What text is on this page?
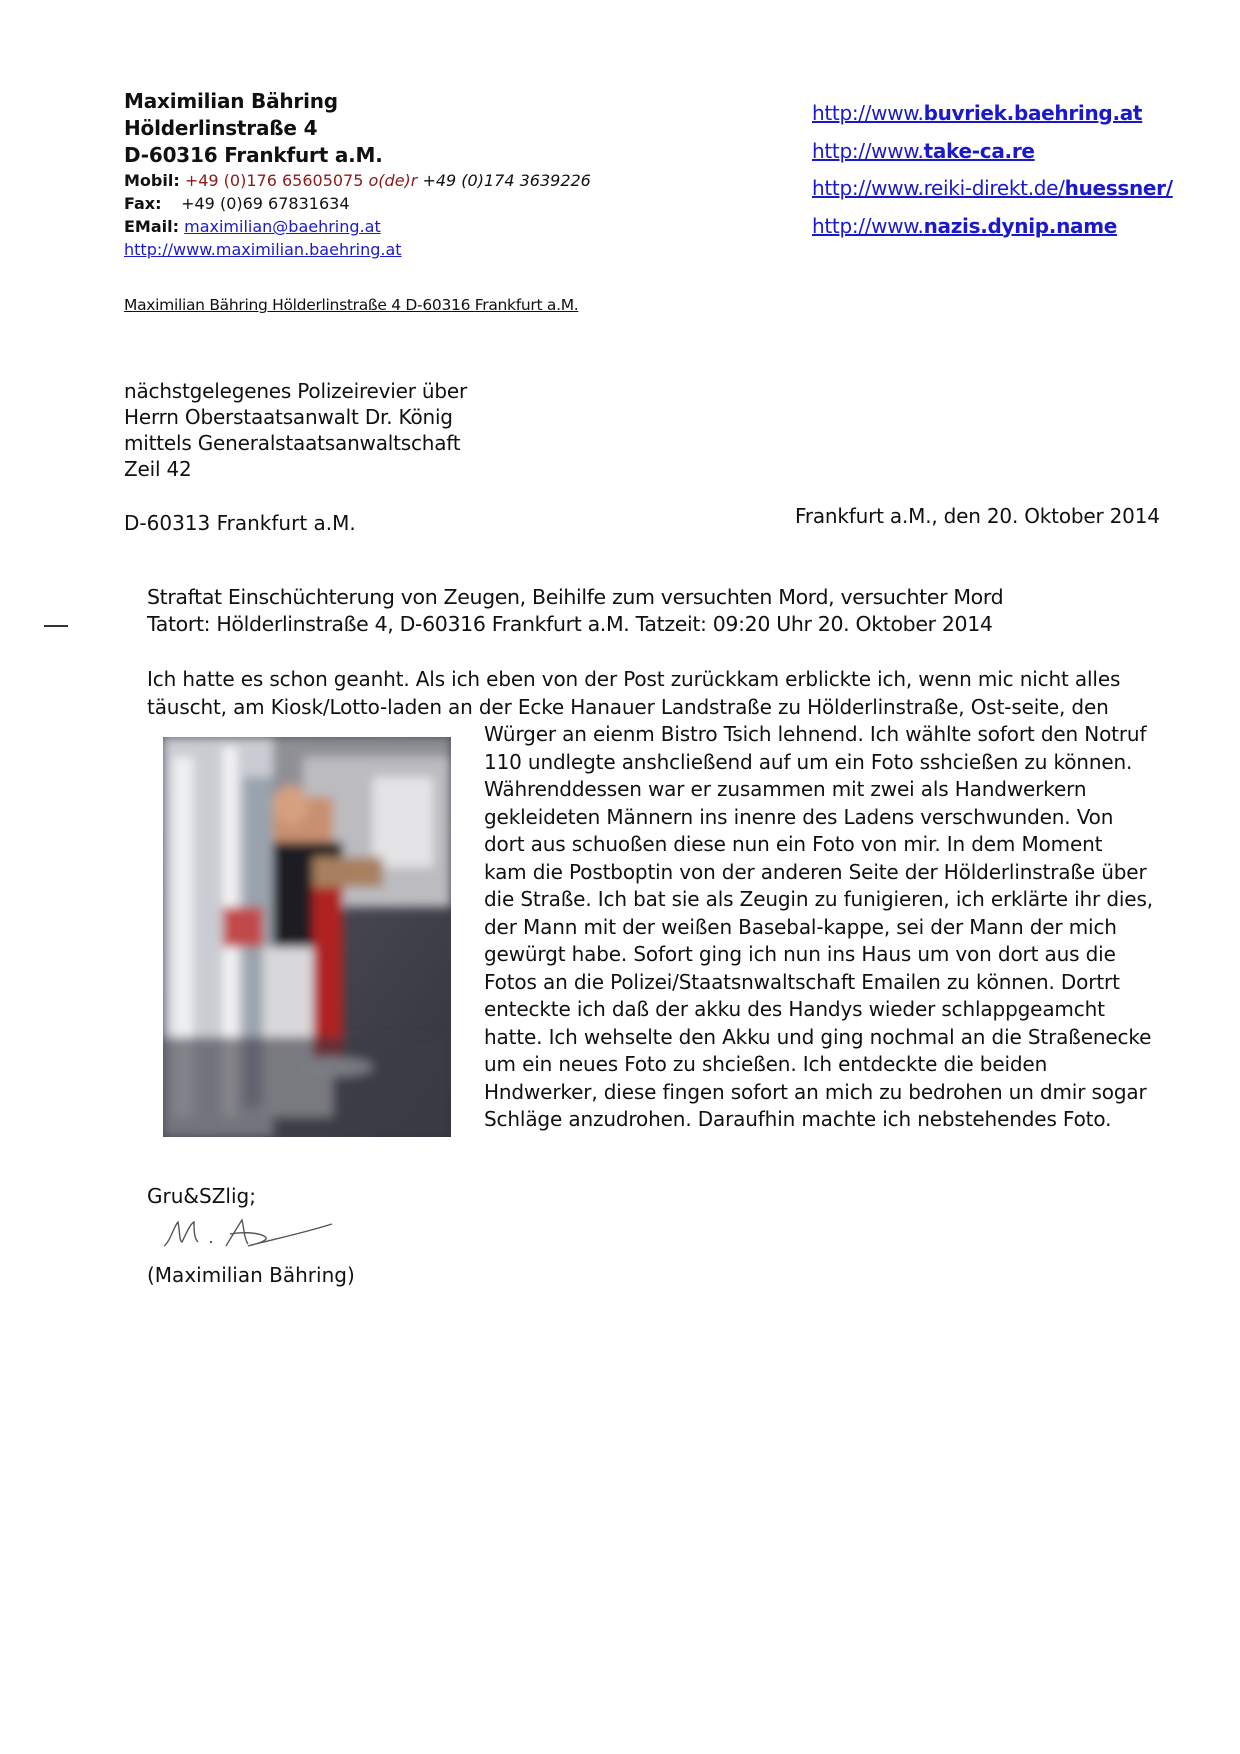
Maximilian Bähring
Hölderlinstraße 4
D-60316 Frankfurt a.M.
Mobil: +49 (0)176 65605075 o(de)r +49 (0)174 3639226
Fax: +49 (0)69 67831634
EMail: maximilian@baehring.at
http://www.maximilian.baehring.at
http://www.buvriek.baehring.at
http://www.take-ca.re
http://www.reiki-direkt.de/huessner/
http://www.nazis.dynip.name
Maximilian Bähring Hölderlinstraße 4 D-60316 Frankfurt a.M.
nächstgelegenes Polizeirevier über
Herrn Oberstaatsanwalt Dr. König
mittels Generalstaatsanwaltschaft
Zeil 42
D-60313 Frankfurt a.M.	Frankfurt a.M., den 20. Oktober 2014
Straftat Einschüchterung von Zeugen, Beihilfe zum versuchten Mord, versuchter Mord
Tatort: Hölderlinstraße 4, D-60316 Frankfurt a.M. Tatzeit: 09:20 Uhr 20. Oktober 2014
Ich hatte es schon geanht. Als ich eben von der Post zurückkam erblickte ich, wenn mic nicht alles
täuscht, am Kiosk/Lotto-laden an der Ecke Hanauer Landstraße zu Hölderlinstraße, Ost-seite, den
Würger an eienm Bistro Tsich lehnend. Ich wählte sofort den Notruf
110 undlegte anshcließend auf um ein Foto sshcießen zu können.
Währenddessen war er zusammen mit zwei als Handwerkern
gekleideten Männern ins inenre des Ladens verschwunden. Von
dort aus schuoßen diese nun ein Foto von mir. In dem Moment
kam die Postboptin von der anderen Seite der Hölderlinstraße über
die Straße. Ich bat sie als Zeugin zu funigieren, ich erklärte ihr dies,
der Mann mit der weißen Basebal-kappe, sei der Mann der mich
gewürgt habe. Sofort ging ich nun ins Haus um von dort aus die
Fotos an die Polizei/Staatsnwaltschaft Emailen zu können. Dortrt
enteckte ich daß der akku des Handys wieder schlappgeamcht
hatte. Ich wehselte den Akku und ging nochmal an die Straßenecke
um ein neues Foto zu shcießen. Ich entdeckte die beiden
Hndwerker, diese fingen sofort an mich zu bedrohen un dmir sogar
Schläge anzudrohen. Daraufhin machte ich nebstehendes Foto.
Gru&SZlig;
(Maximilian Bähring)
